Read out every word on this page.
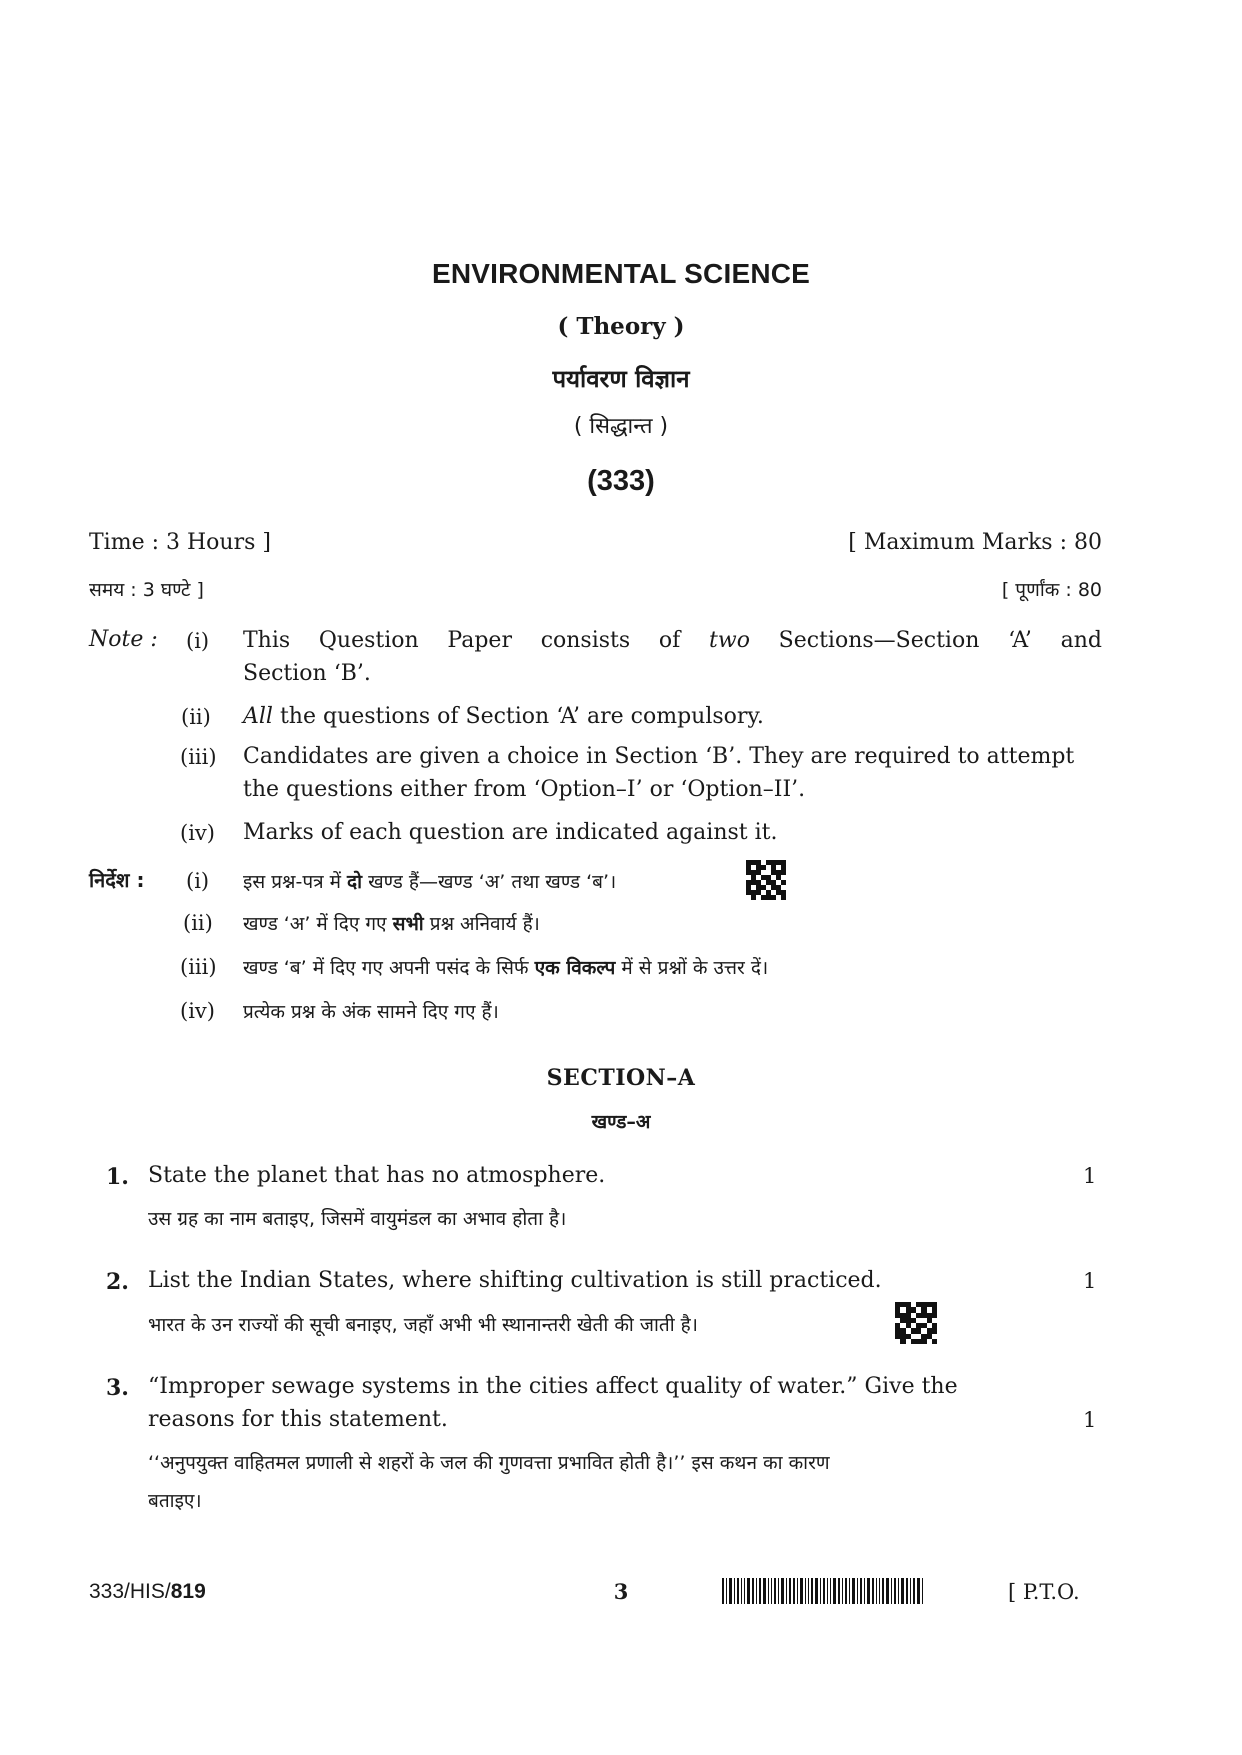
ENVIRONMENTAL SCIENCE
( Theory )
पर्यावरण विज्ञान
( सिद्धान्त )
(333)
Time : 3 Hours ]	[ Maximum Marks : 80
समय : 3 घण्टे ]	[ पूर्णांक : 80
Note : (i) This Question Paper consists of two Sections—Section ‘A’ and
Section ‘B’.
(ii) All the questions of Section ‘A’ are compulsory.
(iii) Candidates are given a choice in Section ‘B’. They are required to attempt
the questions either from ‘Option–I’ or ‘Option–II’.
(iv) Marks of each question are indicated against it.
निर्देश : (i) इस प्रश्न-पत्र में दो खण्ड हैं—खण्ड ‘अ’ तथा खण्ड ‘ब’।
(ii) खण्ड ‘अ’ में दिए गए सभी प्रश्न अनिवार्य हैं।
(iii) खण्ड ‘ब’ में दिए गए अपनी पसंद के सिर्फ एक विकल्प में से प्रश्नों के उत्तर दें।
(iv) प्रत्येक प्रश्न के अंक सामने दिए गए हैं।
SECTION–A
खण्ड–अ
1. State the planet that has no atmosphere.	1
उस ग्रह का नाम बताइए, जिसमें वायुमंडल का अभाव होता है।
2. List the Indian States, where shifting cultivation is still practiced.	1
भारत के उन राज्यों की सूची बनाइए, जहाँ अभी भी स्थानान्तरी खेती की जाती है।
3. “Improper sewage systems in the cities affect quality of water.” Give the
reasons for this statement.	1
‘‘अनुपयुक्त वाहितमल प्रणाली से शहरों के जल की गुणवत्ता प्रभावित होती है।’’ इस कथन का कारण
बताइए।
333/HIS/819	3	[ P.T.O.
